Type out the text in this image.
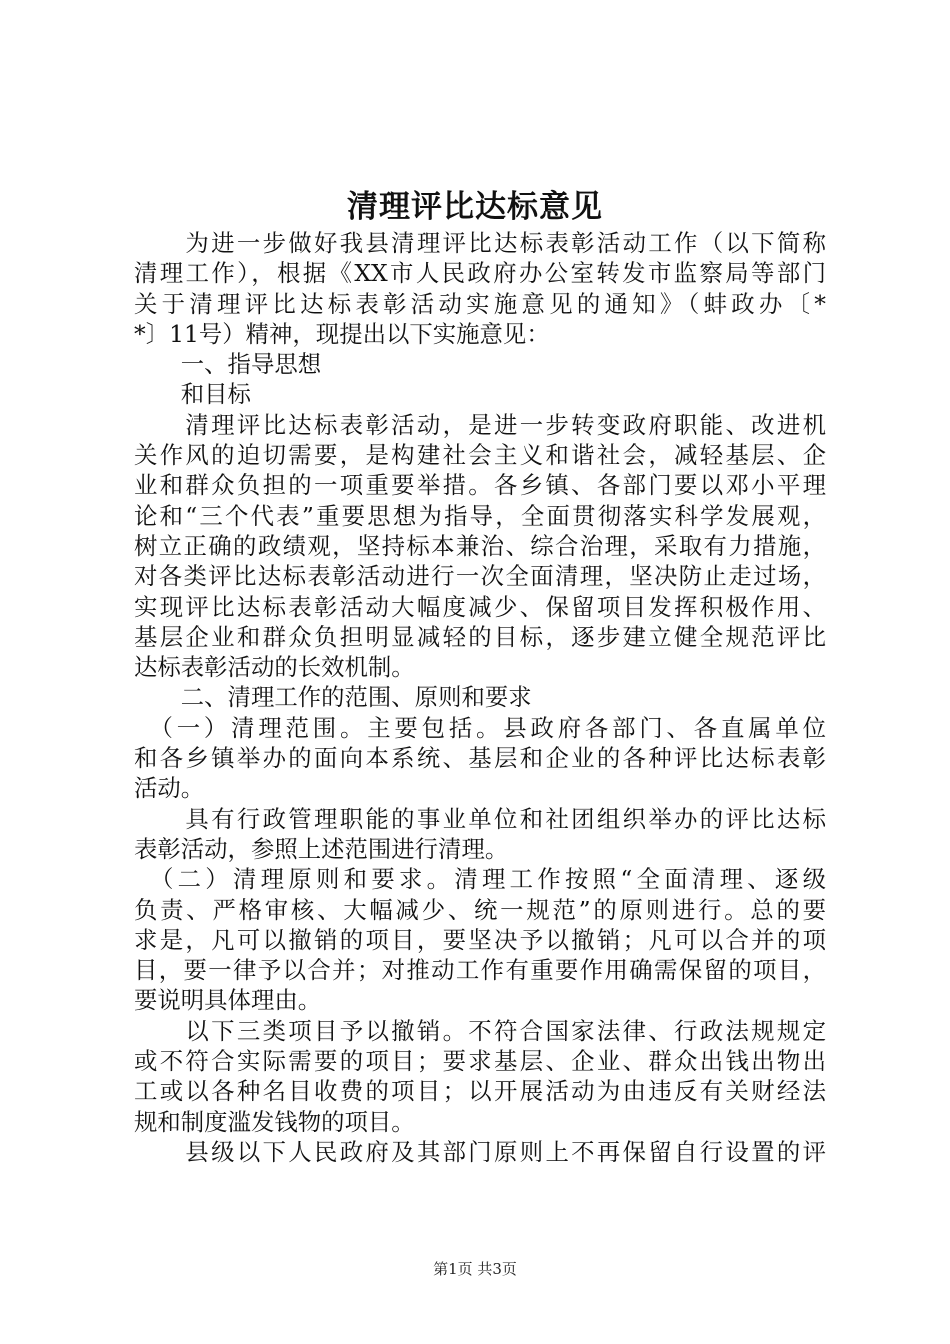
清理评比达标意见
　　为进一步做好我县清理评比达标表彰活动工作（以下简称
清理工作），根据《XX市人民政府办公室转发市监察局等部门
关于清理评比达标表彰活动实施意见的通知》（蚌政办〔*
*〕11号）精神，现提出以下实施意见：
　　一、指导思想
　　和目标
　　清理评比达标表彰活动，是进一步转变政府职能、改进机
关作风的迫切需要，是构建社会主义和谐社会，减轻基层、企
业和群众负担的一项重要举措。各乡镇、各部门要以邓小平理
论和“三个代表”重要思想为指导，全面贯彻落实科学发展观，
树立正确的政绩观，坚持标本兼治、综合治理，采取有力措施，
对各类评比达标表彰活动进行一次全面清理，坚决防止走过场，
实现评比达标表彰活动大幅度减少、保留项目发挥积极作用、
基层企业和群众负担明显减轻的目标，逐步建立健全规范评比
达标表彰活动的长效机制。
　　二、清理工作的范围、原则和要求
　（一）清理范围。主要包括。县政府各部门、各直属单位
和各乡镇举办的面向本系统、基层和企业的各种评比达标表彰
活动。
　　具有行政管理职能的事业单位和社团组织举办的评比达标
表彰活动，参照上述范围进行清理。
　（二）清理原则和要求。清理工作按照“全面清理、逐级
负责、严格审核、大幅减少、统一规范”的原则进行。总的要
求是，凡可以撤销的项目，要坚决予以撤销；凡可以合并的项
目，要一律予以合并；对推动工作有重要作用确需保留的项目，
要说明具体理由。
　　以下三类项目予以撤销。不符合国家法律、行政法规规定
或不符合实际需要的项目；要求基层、企业、群众出钱出物出
工或以各种名目收费的项目；以开展活动为由违反有关财经法
规和制度滥发钱物的项目。
　　县级以下人民政府及其部门原则上不再保留自行设置的评
第1页 共3页
